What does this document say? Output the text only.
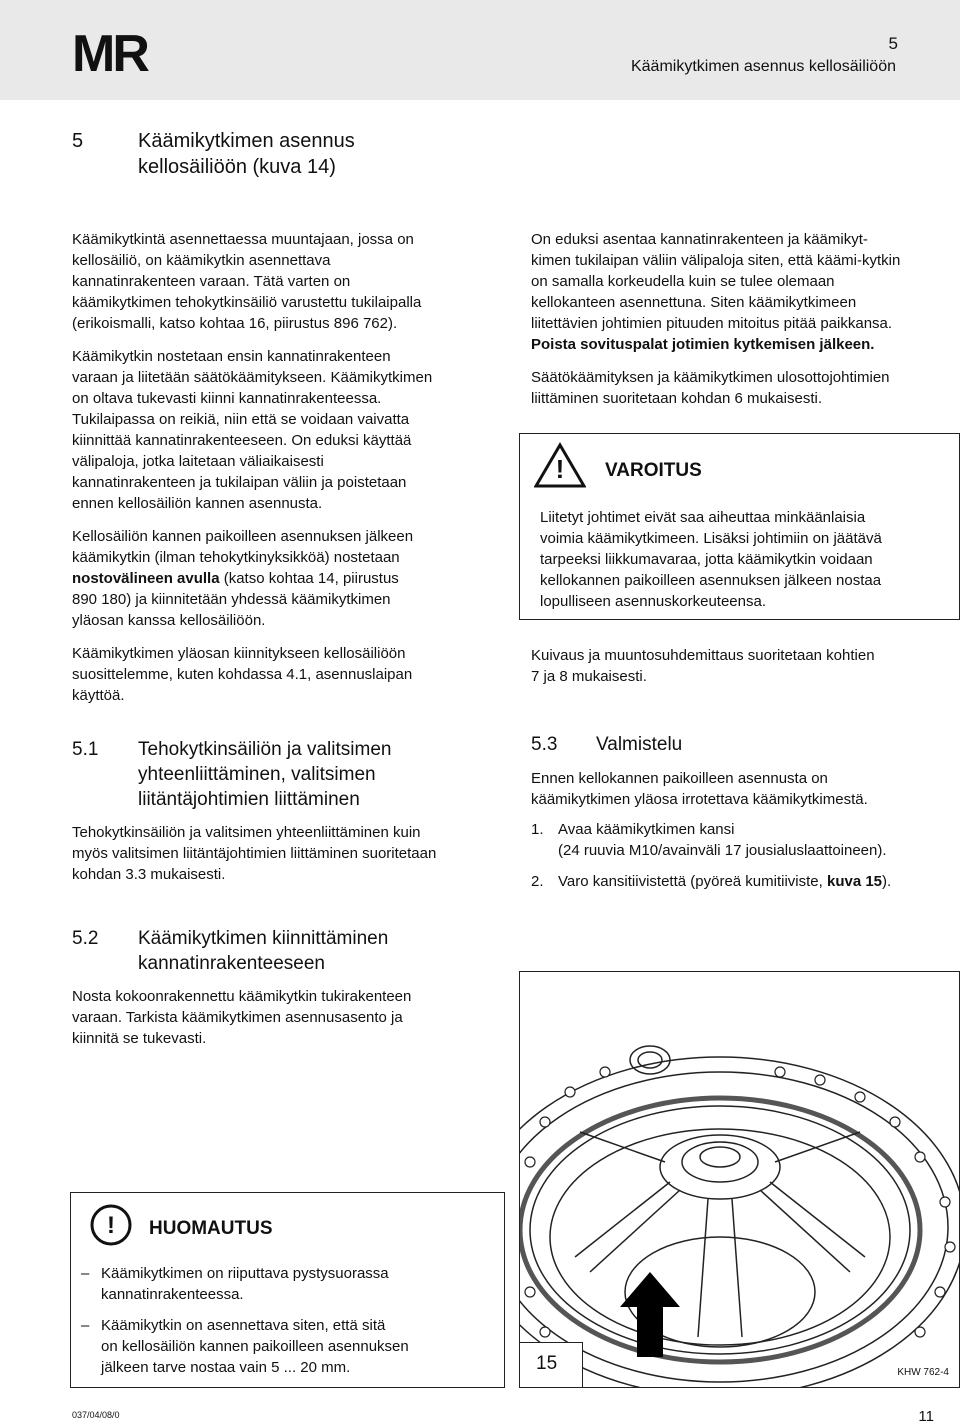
MR	5
Käämikytkimen asennus kellosäiliöön
5	Käämikytkimen asennus
kellosäiliöön (kuva 14)
Käämikytkintä asennettaessa muuntajaan, jossa on
kellosäiliö, on käämikytkin asennettava
kannatinrakenteen varaan. Tätä varten on
käämikytkimen tehokytkinsäiliö varustettu tukilaipalla
(erikoismalli, katso kohtaa 16, piirustus 896 762).
Käämikytkin nostetaan ensin kannatinrakenteen
varaan ja liitetään säätökäämitykseen. Käämikytkimen
on oltava tukevasti kiinni kannatinrakenteessa.
Tukilaipassa on reikiä, niin että se voidaan vaivatta
kiinnittää kannatinrakenteeseen. On eduksi käyttää
välipaloja, jotka laitetaan väliaikaisesti
kannatinrakenteen ja tukilaipan väliin ja poistetaan
ennen kellosäiliön kannen asennusta.
Kellosäiliön kannen paikoilleen asennuksen jälkeen
käämikytkin (ilman tehokytkinyksikköä) nostetaan
nostovälineen avulla (katso kohtaa 14, piirustus
890 180) ja kiinnitetään yhdessä käämikytkimen
yläosan kanssa kellosäiliöön.
Käämikytkimen yläosan kiinnitykseen kellosäiliöön
suosittelemme, kuten kohdassa 4.1, asennuslaipan
käyttöä.
On eduksi asentaa kannatinrakenteen ja käämikyt-
kimen tukilaipan väliin välipaloja siten, että käämi-kytkin
on samalla korkeudella kuin se tulee olemaan
kellokanteen asennettuna. Siten käämikytkimeen
liitettävien johtimien pituuden mitoitus pitää paikkansa.
Poista sovituspalat jotimien kytkemisen jälkeen.
Säätökäämityksen ja käämikytkimen ulosottojohtimien
liittäminen suoritetaan kohdan 6 mukaisesti.
! VAROITUS
Liitetyt johtimet eivät saa aiheuttaa minkäänlaisia
voimia käämikytkimeen. Lisäksi johtimiin on jäätävä
tarpeeksi liikkumavaraa, jotta käämikytkin voidaan
kellokannen paikoilleen asennuksen jälkeen nostaa
lopulliseen asennuskorkeuteensa.
Kuivaus ja muuntosuhdemittaus suoritetaan kohtien
7 ja 8 mukaisesti.
5.1 Tehokytkinsäiliön ja valitsimen
yhteenliittäminen, valitsimen
liitäntäjohtimien liittäminen
Tehokytkinsäiliön ja valitsimen yhteenliittäminen kuin
myös valitsimen liitäntäjohtimien liittäminen suoritetaan
kohdan 3.3 mukaisesti.
5.3 Valmistelu
Ennen kellokannen paikoilleen asennusta on
käämikytkimen yläosa irrotettava käämikytkimestä.
1. Avaa käämikytkimen kansi
(24 ruuvia M10/avainväli 17 jousialuslaattoineen).
2. Varo kansitiivistettä (pyöreä kumitiiviste, kuva 15).
5.2 Käämikytkimen kiinnittäminen
kannatinrakenteeseen
Nosta kokoonrakennettu käämikytkin tukirakenteen
varaan. Tarkista käämikytkimen asennusasento ja
kiinnitä se tukevasti.
! HUOMAUTUS
– Käämikytkimen on riiputtava pystysuorassa
kannatinrakenteessa.
– Käämikytkin on asennettava siten, että sitä
on kellosäiliön kannen paikoilleen asennuksen
jälkeen tarve nostaa vain 5 ... 20 mm.	15	KHW 762-4
037/04/08/0	11
